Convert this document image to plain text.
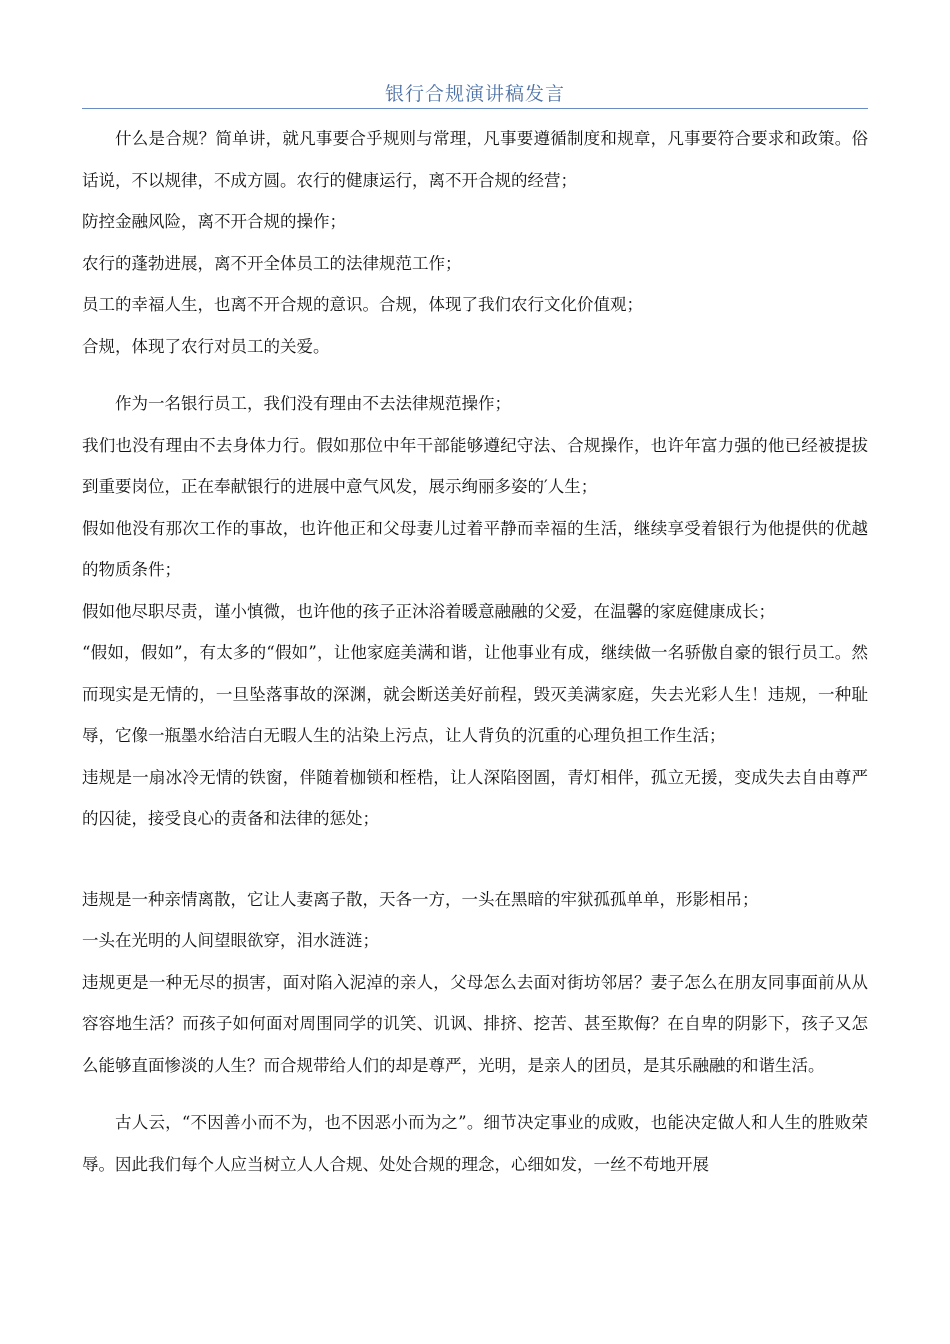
银行合规演讲稿发言

什么是合规？简单讲，就凡事要合乎规则与常理，凡事要遵循制度和规章，凡事要符合要求和政策。俗话说，不以规律，不成方圆。农行的健康运行，离不开合规的经营；

防控金融风险，离不开合规的操作；

农行的蓬勃进展，离不开全体员工的法律规范工作；

员工的幸福人生，也离不开合规的意识。合规，体现了我们农行文化价值观；

合规，体现了农行对员工的关爱。

作为一名银行员工，我们没有理由不去法律规范操作；

我们也没有理由不去身体力行。假如那位中年干部能够遵纪守法、合规操作，也许年富力强的他已经被提拔到重要岗位，正在奉献银行的进展中意气风发，展示绚丽多姿的′人生；

假如他没有那次工作的事故，也许他正和父母妻儿过着平静而幸福的生活，继续享受着银行为他提供的优越的物质条件；

假如他尽职尽责，谨小慎微，也许他的孩子正沐浴着暖意融融的父爱，在温馨的家庭健康成长；

“假如，假如”，有太多的“假如”，让他家庭美满和谐，让他事业有成，继续做一名骄傲自豪的银行员工。然而现实是无情的，一旦坠落事故的深渊，就会断送美好前程，毁灭美满家庭，失去光彩人生！违规，一种耻辱，它像一瓶墨水给洁白无暇人生的沾染上污点，让人背负的沉重的心理负担工作生活；

违规是一扇冰冷无情的铁窗，伴随着枷锁和桎梏，让人深陷囹圄，青灯相伴，孤立无援，变成失去自由尊严的囚徒，接受良心的责备和法律的惩处；

违规是一种亲情离散，它让人妻离子散，天各一方，一头在黑暗的牢狱孤孤单单，形影相吊；

一头在光明的人间望眼欲穿，泪水涟涟；

违规更是一种无尽的损害，面对陷入泥淖的亲人，父母怎么去面对街坊邻居？妻子怎么在朋友同事面前从从容容地生活？而孩子如何面对周围同学的讥笑、讥讽、排挤、挖苦、甚至欺侮？在自卑的阴影下，孩子又怎么能够直面惨淡的人生？而合规带给人们的却是尊严，光明，是亲人的团员，是其乐融融的和谐生活。

古人云，“不因善小而不为，也不因恶小而为之”。细节决定事业的成败，也能决定做人和人生的胜败荣辱。因此我们每个人应当树立人人合规、处处合规的理念，心细如发，一丝不苟地开展
